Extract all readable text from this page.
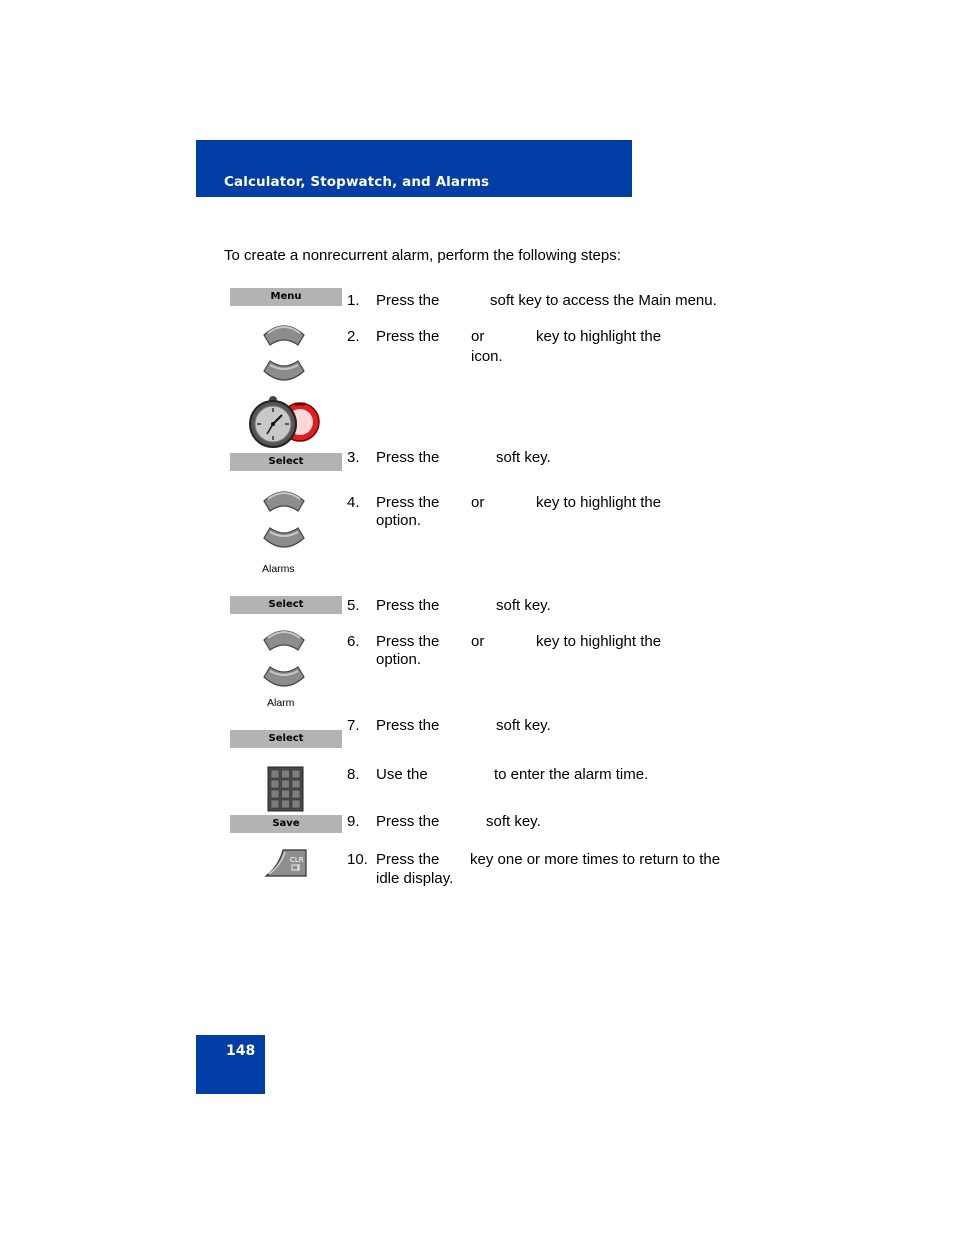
Calculator, Stopwatch, and Alarms
To create a nonrecurrent alarm, perform the following steps:
Menu	1. Press the	soft key to access the Main menu.
2. Press the or	key to highlight the
icon.
Select	3. Press the	soft key.
Alarms
4. Press the or	key to highlight the
option.
Select	5. Press the	soft key.
Alarm
6. Press the or	key to highlight the
option.
Select
7. Press the	soft key.
8. Use the	to enter the alarm time.
Save	9. Press the	soft key.
CLR	10. Press the key one or more times to return to the
idle display.
148
